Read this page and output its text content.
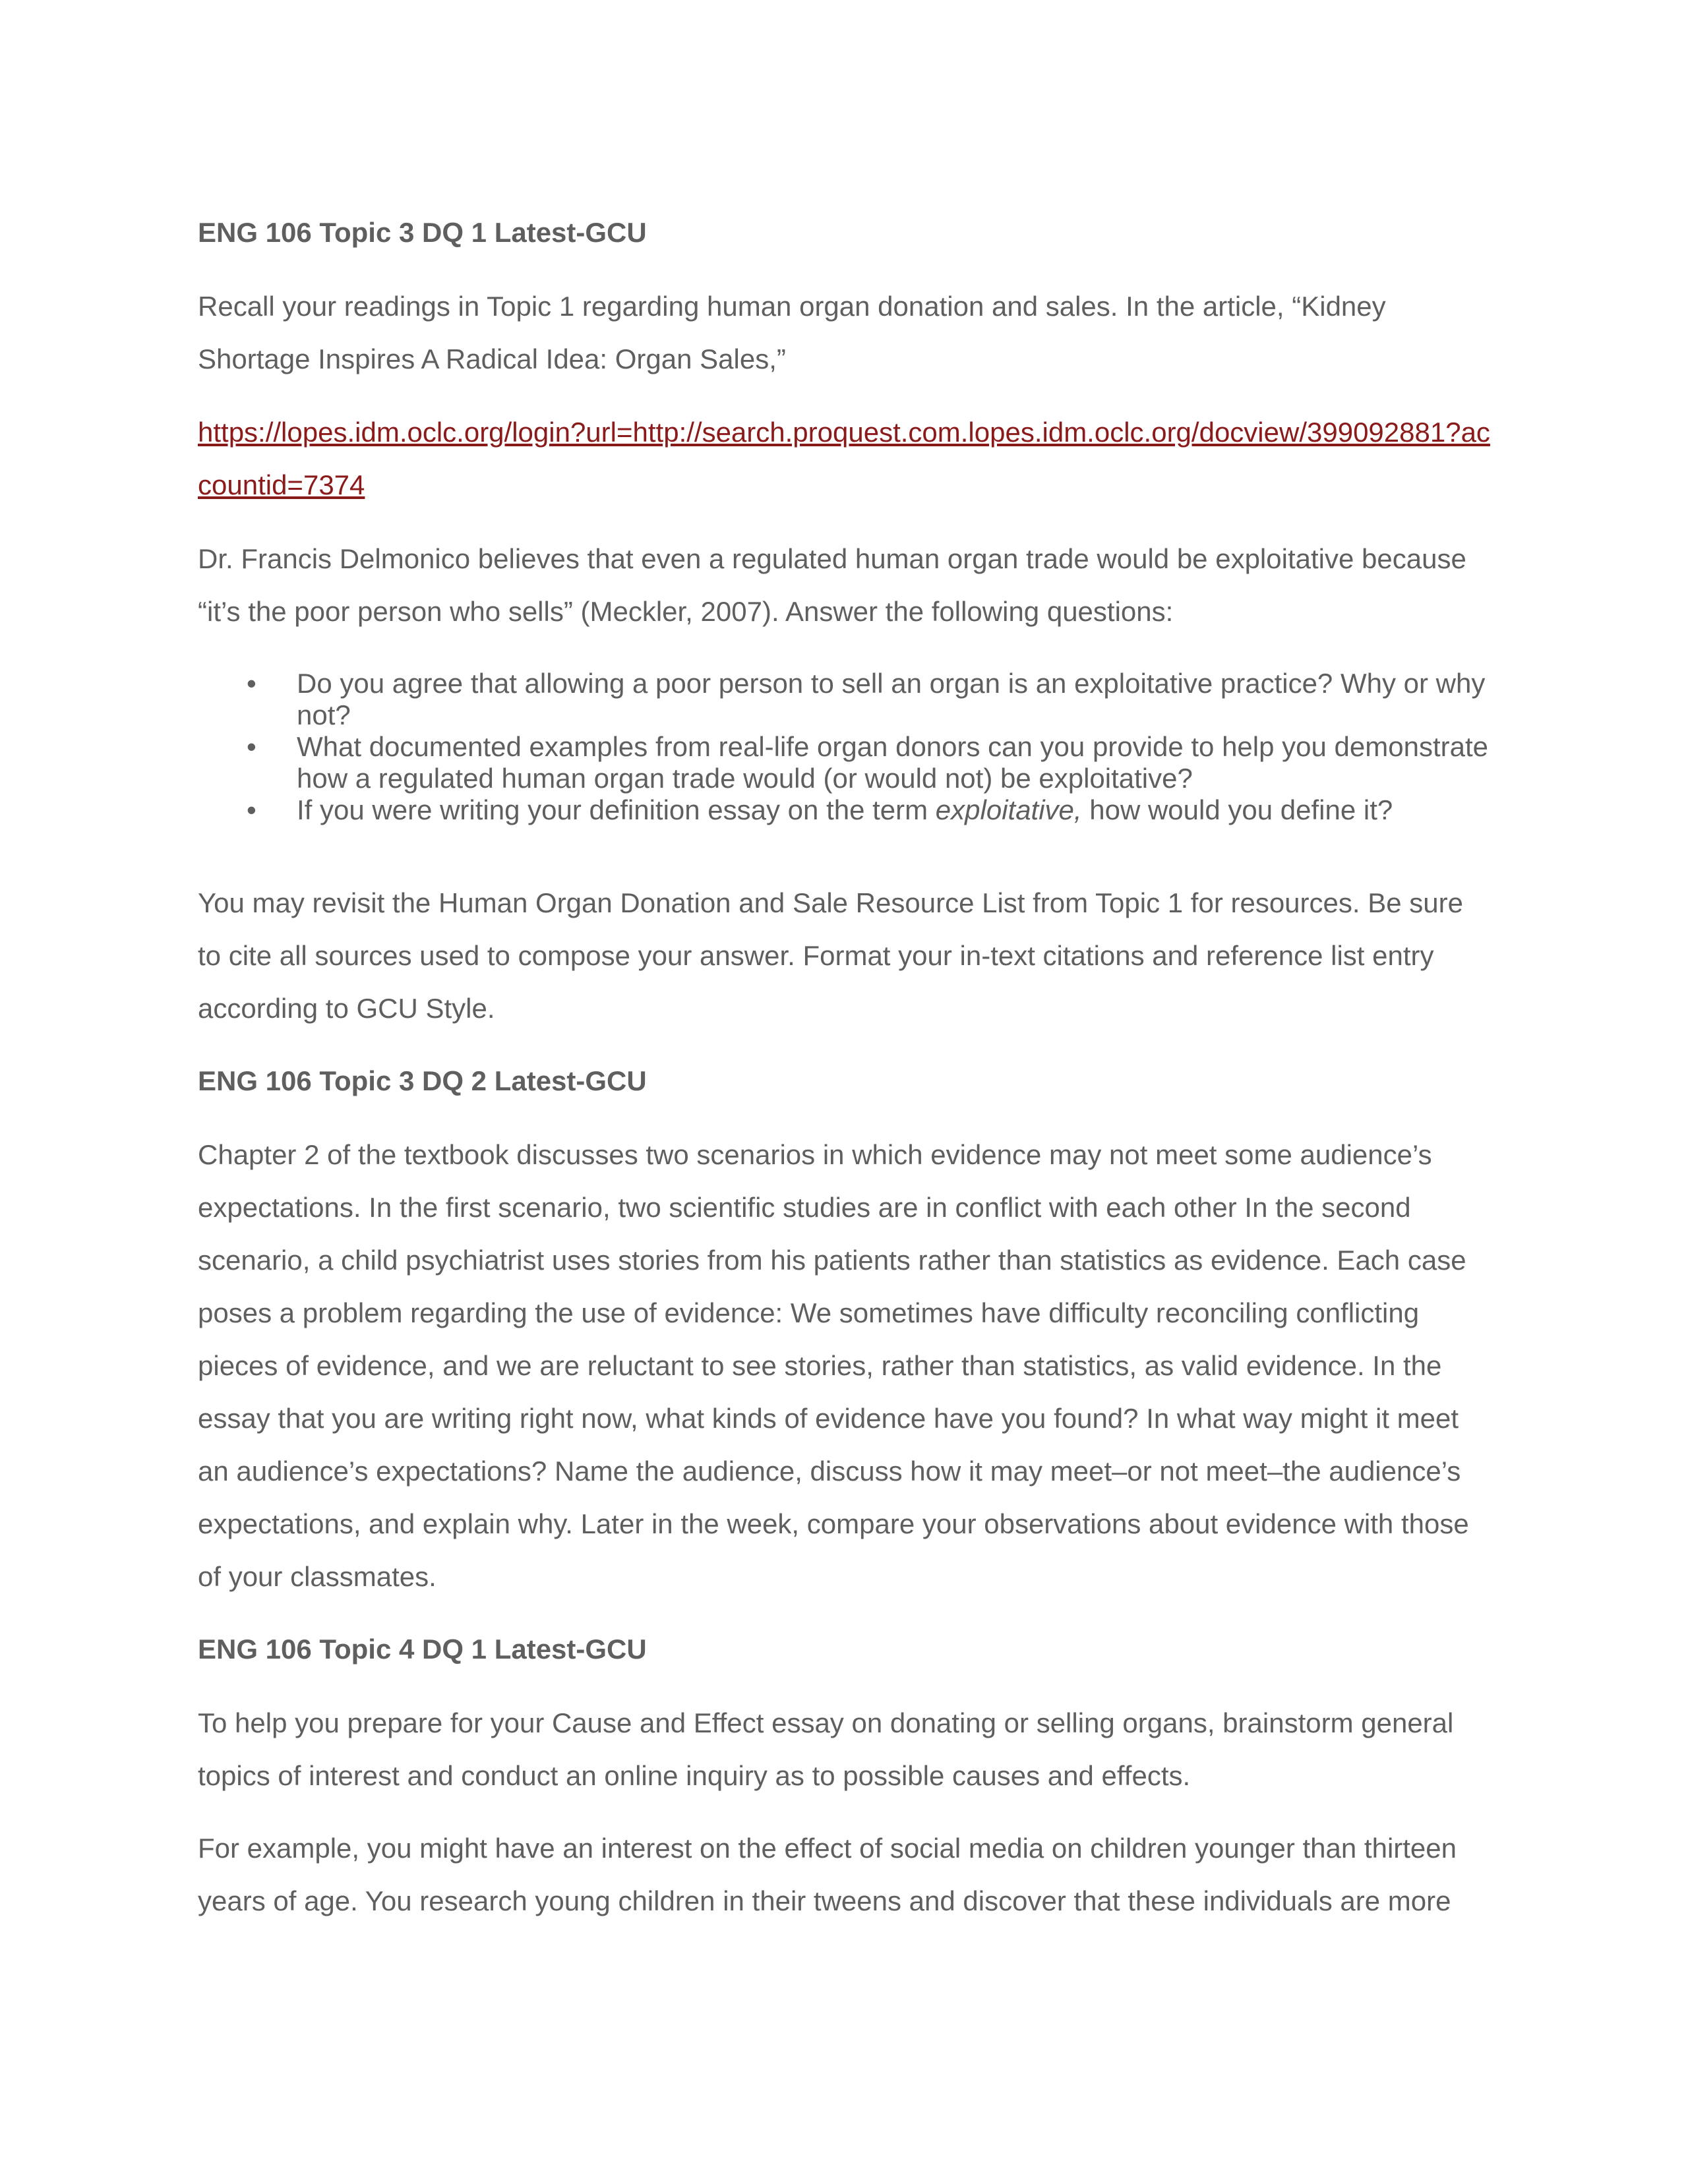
ENG 106 Topic 3 DQ 1 Latest-GCU

Recall your readings in Topic 1 regarding human organ donation and sales. In the article, “Kidney Shortage Inspires A Radical Idea: Organ Sales,”

https://lopes.idm.oclc.org/login?url=http://search.proquest.com.lopes.idm.oclc.org/docview/399092881?accountid=7374

Dr. Francis Delmonico believes that even a regulated human organ trade would be exploitative because “it’s the poor person who sells” (Meckler, 2007). Answer the following questions:

• Do you agree that allowing a poor person to sell an organ is an exploitative practice? Why or why not?
• What documented examples from real-life organ donors can you provide to help you demonstrate how a regulated human organ trade would (or would not) be exploitative?
• If you were writing your definition essay on the term exploitative, how would you define it?

You may revisit the Human Organ Donation and Sale Resource List from Topic 1 for resources. Be sure to cite all sources used to compose your answer. Format your in-text citations and reference list entry according to GCU Style.

ENG 106 Topic 3 DQ 2 Latest-GCU

Chapter 2 of the textbook discusses two scenarios in which evidence may not meet some audience’s expectations. In the first scenario, two scientific studies are in conflict with each other In the second scenario, a child psychiatrist uses stories from his patients rather than statistics as evidence. Each case poses a problem regarding the use of evidence: We sometimes have difficulty reconciling conflicting pieces of evidence, and we are reluctant to see stories, rather than statistics, as valid evidence. In the essay that you are writing right now, what kinds of evidence have you found? In what way might it meet an audience’s expectations? Name the audience, discuss how it may meet–or not meet–the audience’s expectations, and explain why. Later in the week, compare your observations about evidence with those of your classmates.

ENG 106 Topic 4 DQ 1 Latest-GCU

To help you prepare for your Cause and Effect essay on donating or selling organs, brainstorm general topics of interest and conduct an online inquiry as to possible causes and effects.

For example, you might have an interest on the effect of social media on children younger than thirteen years of age. You research young children in their tweens and discover that these individuals are more
